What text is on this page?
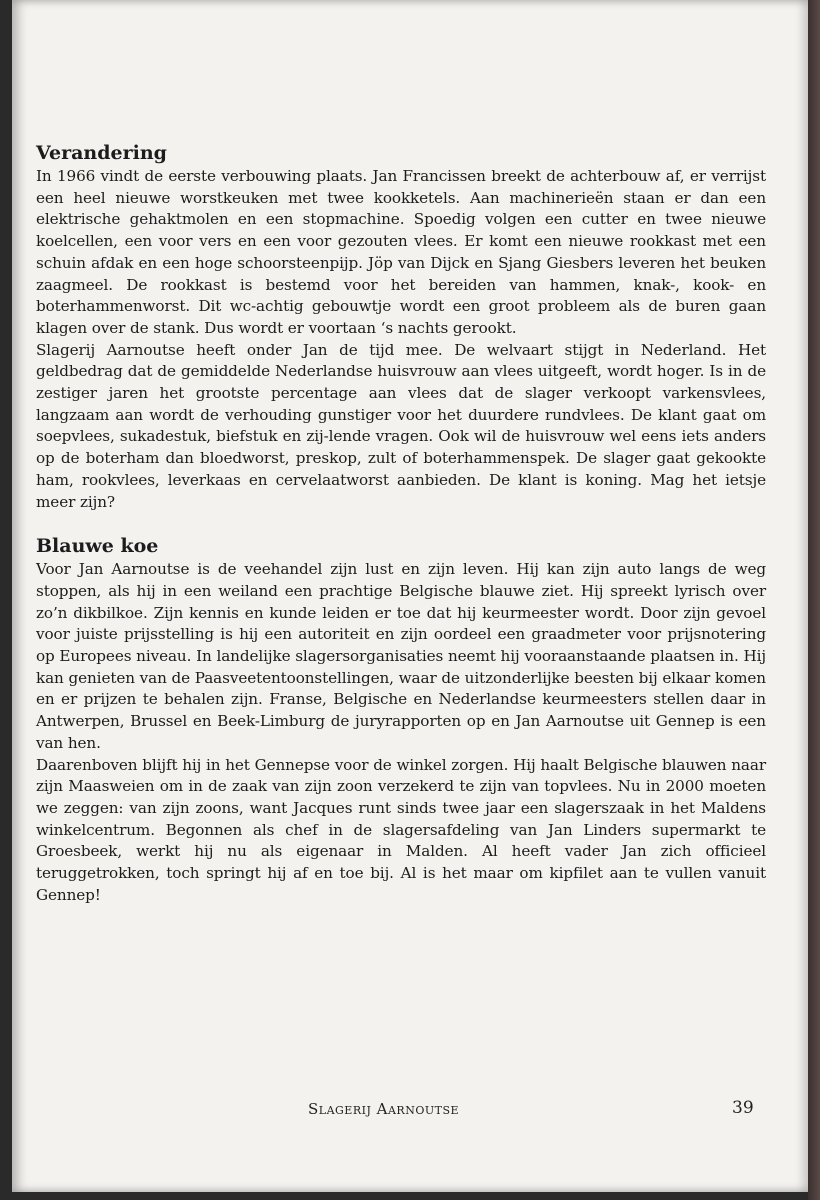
Verandering

In 1966 vindt de eerste verbouwing plaats. Jan Francissen breekt de achterbouw af, er verrijst een heel nieuwe worstkeuken met twee kookketels. Aan machinerieën staan er dan een elektrische gehaktmolen en een stopmachine. Spoedig volgen een cutter en twee nieuwe koelcellen, een voor vers en een voor gezouten vlees. Er komt een nieuwe rookkast met een schuin afdak en een hoge schoorsteenpijp. Jöp van Dijck en Sjang Giesbers leveren het beuken zaagmeel. De rookkast is bestemd voor het bereiden van hammen, knak-, kook- en boterhammenworst. Dit wc-achtig gebouwtje wordt een groot probleem als de buren gaan klagen over de stank. Dus wordt er voortaan ‘s nachts gerookt.

Slagerij Aarnoutse heeft onder Jan de tijd mee. De welvaart stijgt in Nederland. Het geldbedrag dat de gemiddelde Nederlandse huisvrouw aan vlees uitgeeft, wordt hoger. Is in de zestiger jaren het grootste percentage aan vlees dat de slager verkoopt varkensvlees, langzaam aan wordt de verhouding gunstiger voor het duurdere rundvlees. De klant gaat om soepvlees, sukadestuk, biefstuk en zij-lende vragen. Ook wil de huisvrouw wel eens iets anders op de boterham dan bloedworst, preskop, zult of boterhammenspek. De slager gaat gekookte ham, rookvlees, leverkaas en cervelaatworst aanbieden. De klant is koning. Mag het ietsje meer zijn?

Blauwe koe

Voor Jan Aarnoutse is de veehandel zijn lust en zijn leven. Hij kan zijn auto langs de weg stoppen, als hij in een weiland een prachtige Belgische blauwe ziet. Hij spreekt lyrisch over zo’n dikbilkoe. Zijn kennis en kunde leiden er toe dat hij keurmeester wordt. Door zijn gevoel voor juiste prijsstelling is hij een autoriteit en zijn oordeel een graadmeter voor prijsnotering op Europees niveau. In landelijke slagersorganisaties neemt hij vooraanstaande plaatsen in. Hij kan genieten van de Paasveetentoonstellingen, waar de uitzonderlijke beesten bij elkaar komen en er prijzen te behalen zijn. Franse, Belgische en Nederlandse keurmeesters stellen daar in Antwerpen, Brussel en Beek-Limburg de juryrapporten op en Jan Aarnoutse uit Gennep is een van hen.

Daarenboven blijft hij in het Gennepse voor de winkel zorgen. Hij haalt Belgische blauwen naar zijn Maasweien om in de zaak van zijn zoon verzekerd te zijn van topvlees. Nu in 2000 moeten we zeggen: van zijn zoons, want Jacques runt sinds twee jaar een slagerszaak in het Maldens winkelcentrum. Begonnen als chef in de slagersafdeling van Jan Linders supermarkt te Groesbeek, werkt hij nu als eigenaar in Malden. Al heeft vader Jan zich officieel teruggetrokken, toch springt hij af en toe bij. Al is het maar om kipfilet aan te vullen vanuit Gennep!

Slagerij Aarnoutse	39
